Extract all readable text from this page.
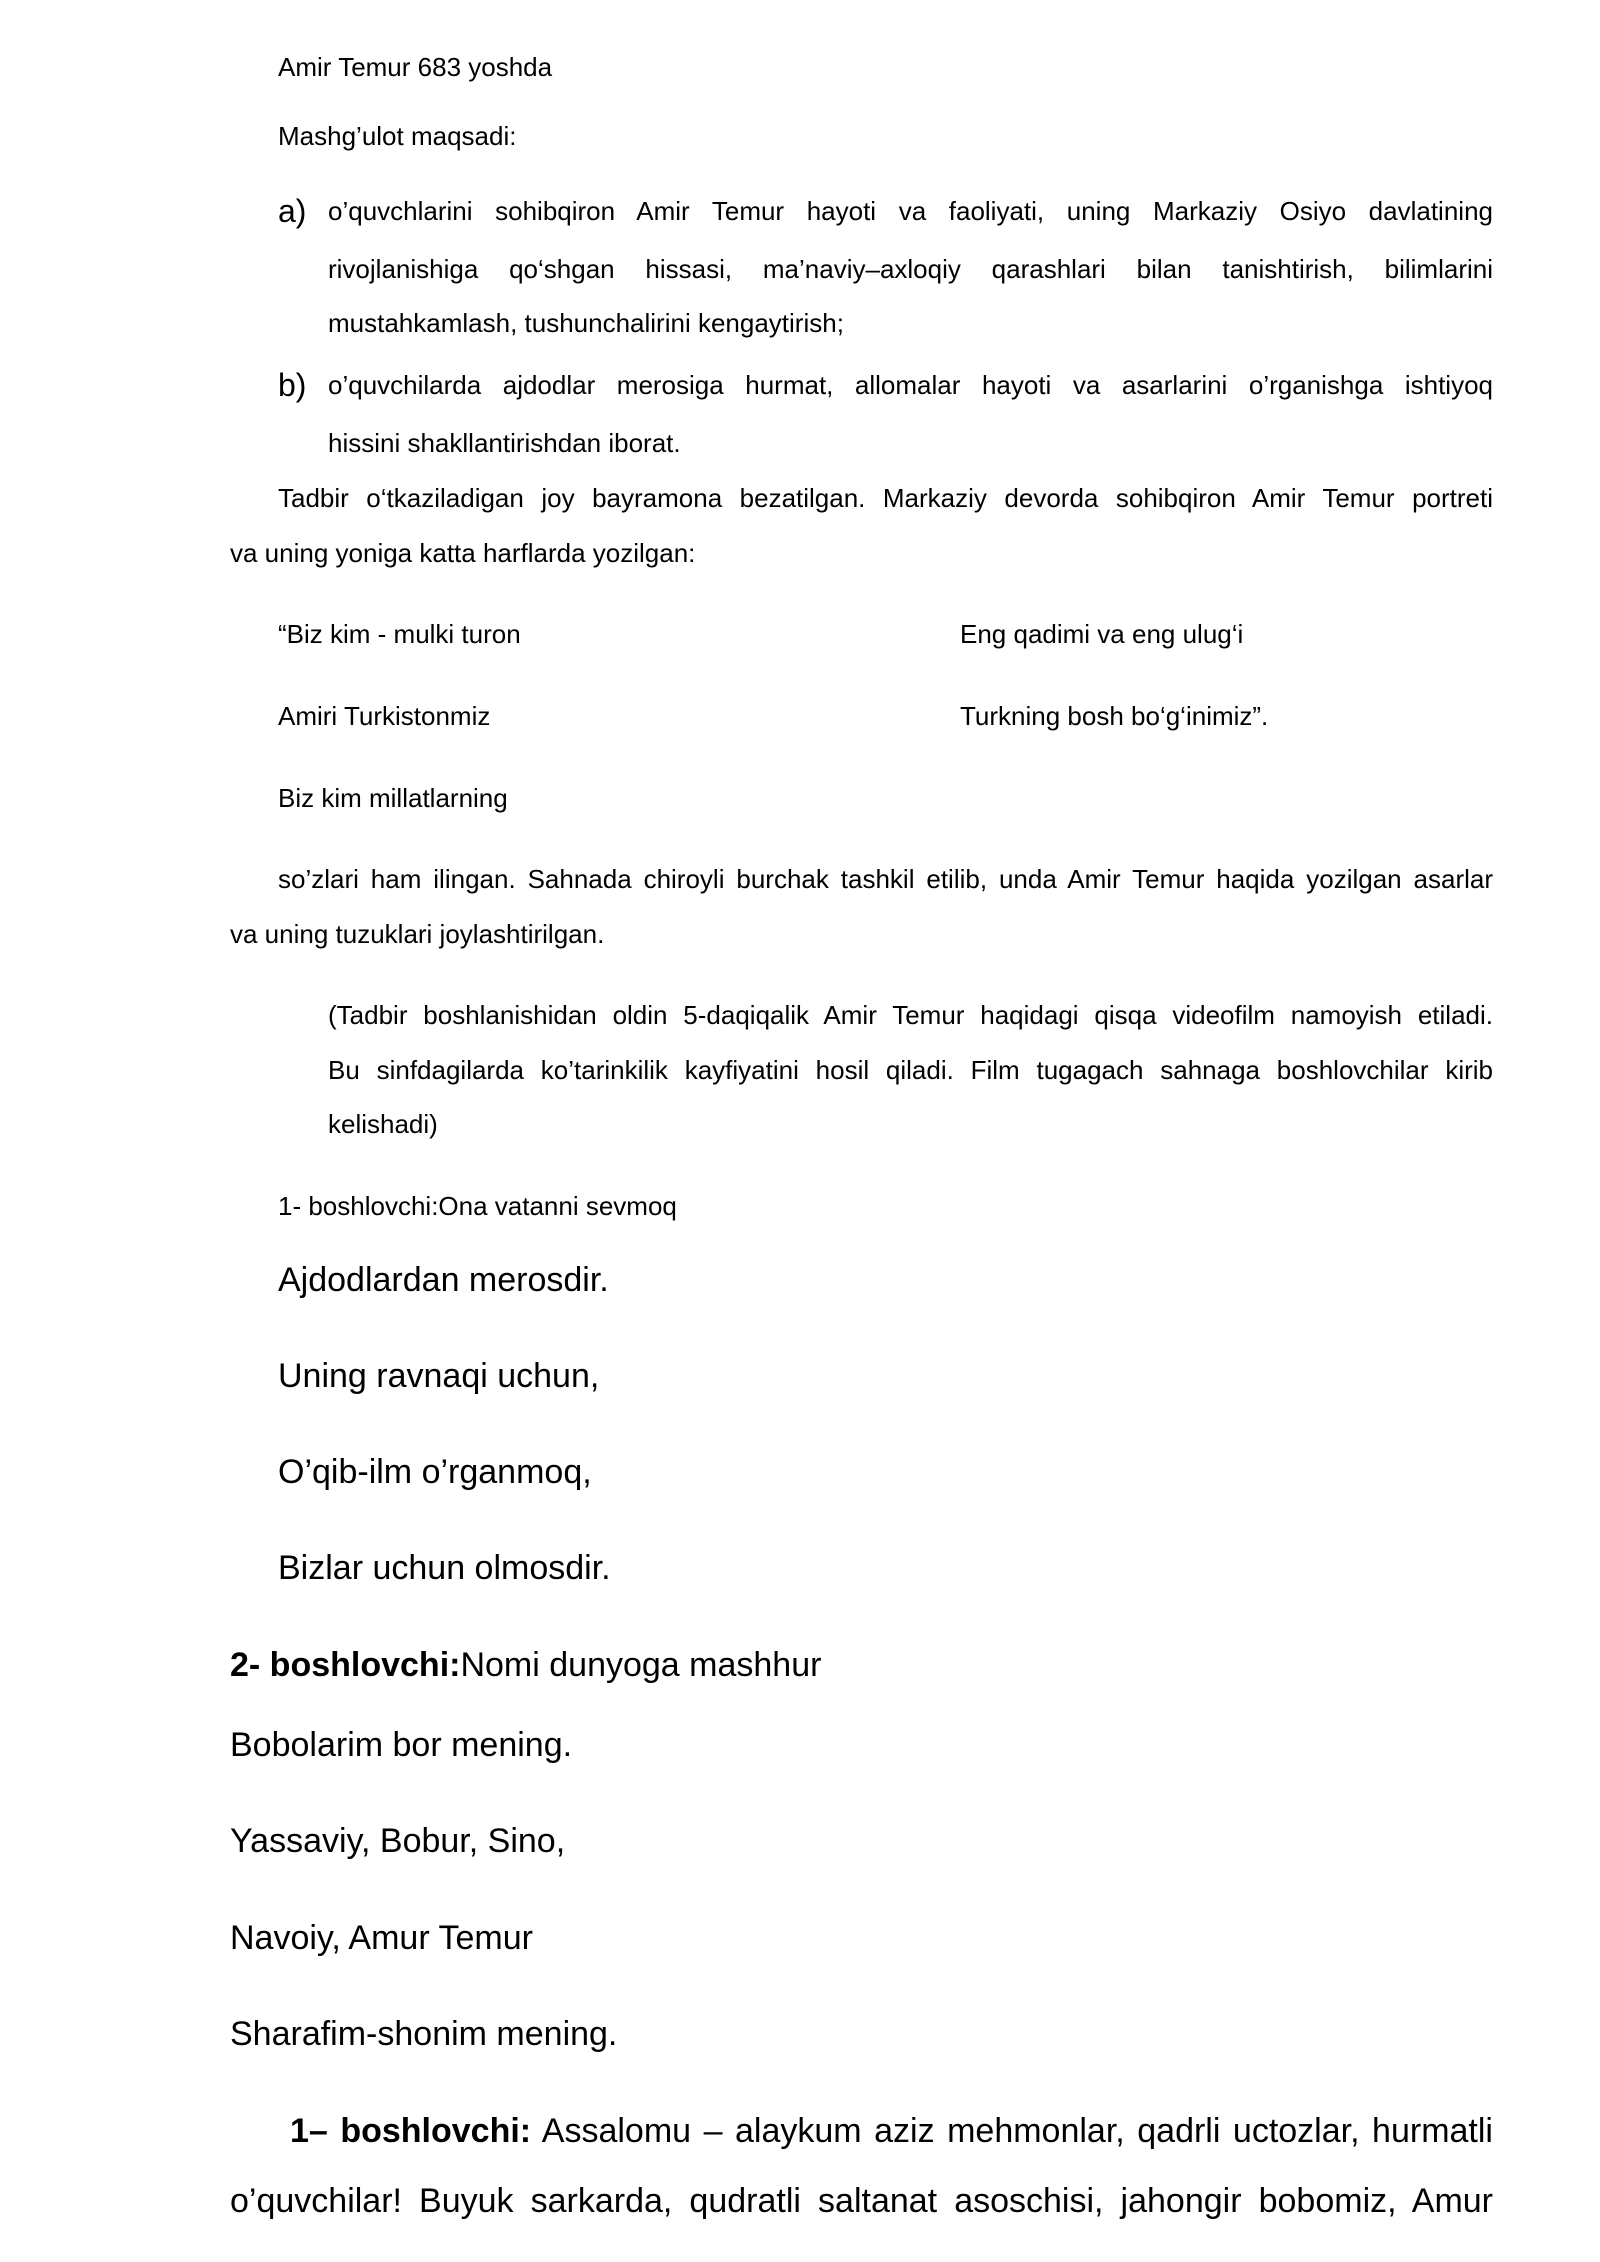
Amir Temur 683 yoshda
Mashg’ulot maqsadi:
a) o’quvchlarini sohibqiron Amir Temur hayoti va faoliyati, uning Markaziy Osiyo davlatining
rivojlanishiga qo‘shgan hissasi, ma’naviy–axloqiy qarashlari bilan tanishtirish, bilimlarini
mustahkamlash, tushunchalirini kengaytirish;
b) o’quvchilarda ajdodlar merosiga hurmat, allomalar hayoti va asarlarini o’rganishga ishtiyoq
hissini shakllantirishdan iborat.
Tadbir o‘tkaziladigan joy bayramona bezatilgan. Markaziy devorda sohibqiron Amir Temur portreti
va uning yoniga katta harflarda yozilgan:
“Biz kim - mulki turon
Amiri Turkistonmiz
Biz kim millatlarning
Eng qadimi va eng ulug‘i
Turkning bosh bo‘g‘inimiz”.
so’zlari ham ilingan. Sahnada chiroyli burchak tashkil etilib, unda Amir Temur haqida yozilgan asarlar
va uning tuzuklari joylashtirilgan.
(Tadbir boshlanishidan oldin 5-daqiqalik Amir Temur haqidagi qisqa videofilm namoyish etiladi.
Bu sinfdagilarda ko’tarinkilik kayfiyatini hosil qiladi. Film tugagach sahnaga boshlovchilar kirib
kelishadi)
1- boshlovchi:Ona vatanni sevmoq
Ajdodlardan merosdir.
Uning ravnaqi uchun,
O’qib-ilm o’rganmoq,
Bizlar uchun olmosdir.
2- boshlovchi:Nomi dunyoga mashhur
Bobolarim bor mening.
Yassaviy, Bobur, Sino,
Navoiy, Amur Temur
Sharafim-shonim mening.
1– boshlovchi: Assalomu – alaykum aziz mehmonlar, qadrli uctozlar, hurmatli
o’quvchilar! Buyuk sarkarda, qudratli saltanat asoschisi, jahongir bobomiz, Amur
